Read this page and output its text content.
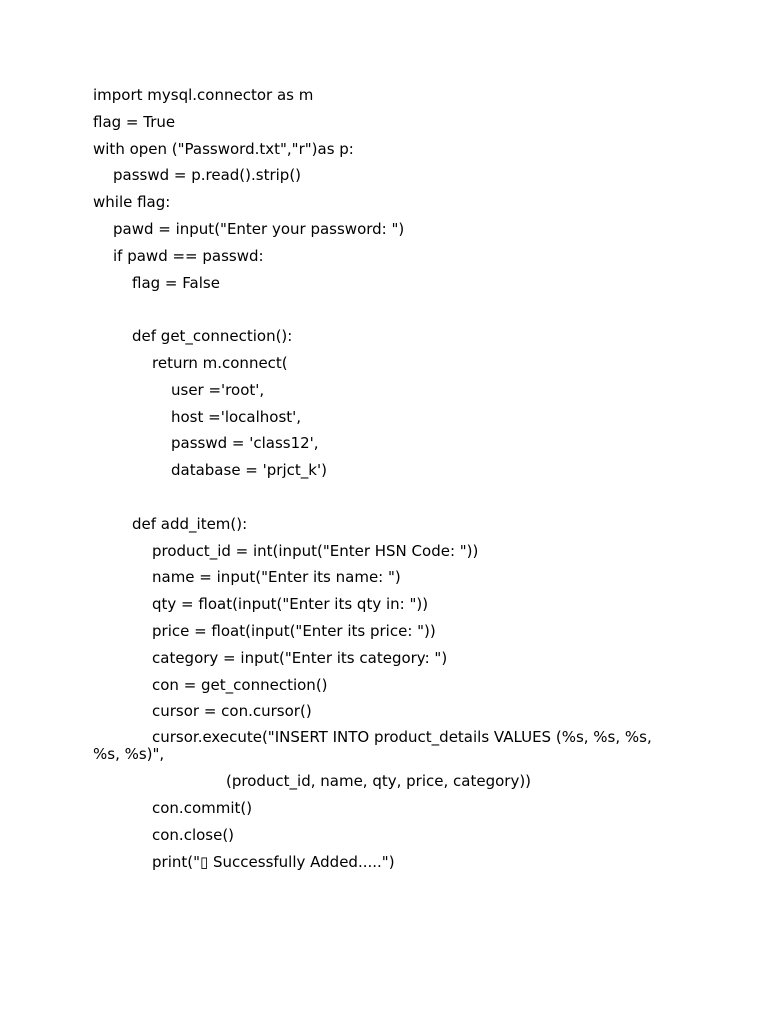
import mysql.connector as m
flag = True
with open ("Password.txt","r")as p:
passwd = p.read().strip()
while flag:
pawd = input("Enter your password: ")
if pawd == passwd:
flag = False
def get_connection():
return m.connect(
user ='root',
host ='localhost',
passwd = 'class12',
database = 'prjct_k')
def add_item():
product_id = int(input("Enter HSN Code: "))
name = input("Enter its name: ")
qty = float(input("Enter its qty in: "))
price = float(input("Enter its price: "))
category = input("Enter its category: ")
con = get_connection()
cursor = con.cursor()
cursor.execute("INSERT INTO product_details VALUES (%s, %s, %s, %s, %s)",
(product_id, name, qty, price, category))
con.commit()
con.close()
print("▯ Successfully Added.....")
